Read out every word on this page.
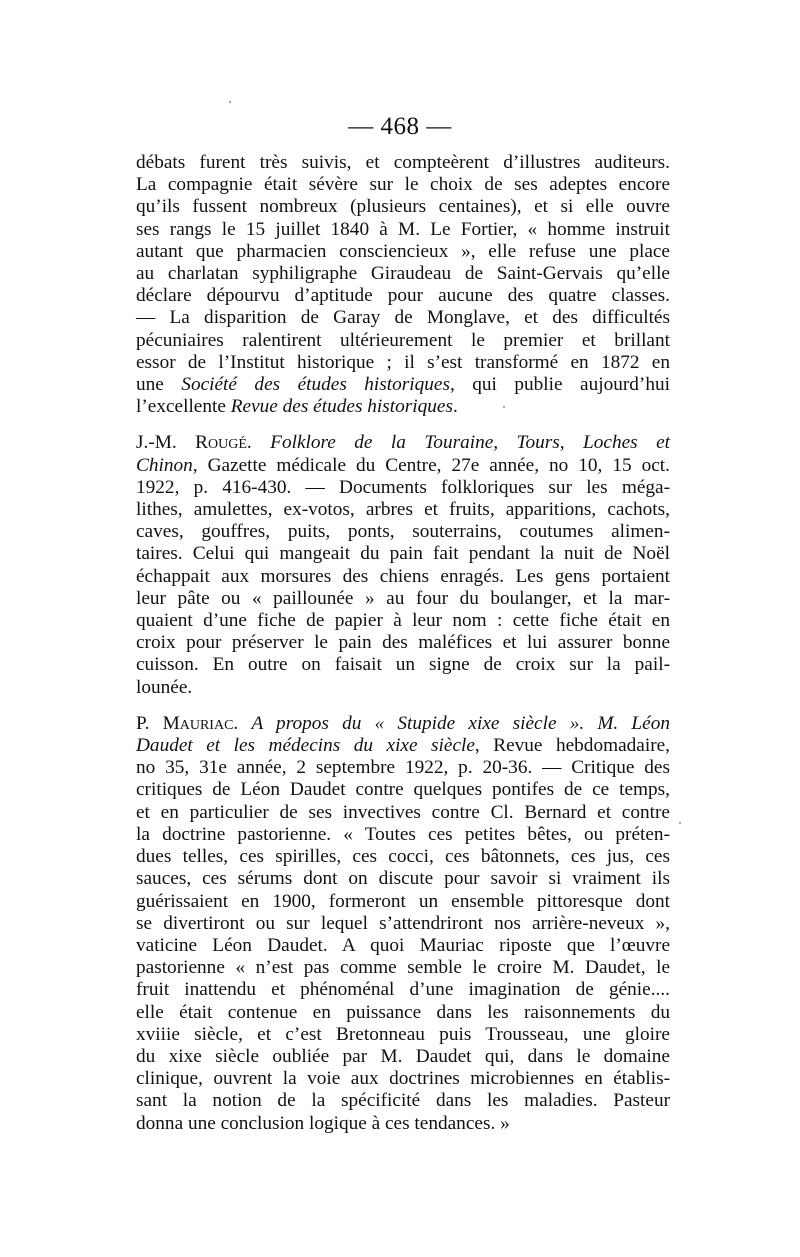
— 468 —
débats furent très suivis, et compteèrent d’illustres auditeurs.
La compagnie était sévère sur le choix de ses adeptes encore
qu’ils fussent nombreux (plusieurs centaines), et si elle ouvre
ses rangs le 15 juillet 1840 à M. Le Fortier, « homme instruit
autant que pharmacien consciencieux », elle refuse une place
au charlatan syphiligraphe Giraudeau de Saint-Gervais qu’elle
déclare dépourvu d’aptitude pour aucune des quatre classes.
— La disparition de Garay de Monglave, et des difficultés
pécuniaires ralentirent ultérieurement le premier et brillant
essor de l’Institut historique ; il s’est transformé en 1872 en
une Société des études historiques, qui publie aujourd’hui
l’excellente Revue des études historiques.
J.-M. Rougé. Folklore de la Touraine, Tours, Loches et
Chinon, Gazette médicale du Centre, 27e année, no 10, 15 oct.
1922, p. 416-430. — Documents folkloriques sur les méga-
lithes, amulettes, ex-votos, arbres et fruits, apparitions, cachots,
caves, gouffres, puits, ponts, souterrains, coutumes alimen-
taires. Celui qui mangeait du pain fait pendant la nuit de Noël
échappait aux morsures des chiens enragés. Les gens portaient
leur pâte ou « paillounée » au four du boulanger, et la mar-
quaient d’une fiche de papier à leur nom : cette fiche était en
croix pour préserver le pain des maléfices et lui assurer bonne
cuisson. En outre on faisait un signe de croix sur la pail-
lounée.
P. Mauriac. A propos du « Stupide xixe siècle ». M. Léon
Daudet et les médecins du xixe siècle, Revue hebdomadaire,
no 35, 31e année, 2 septembre 1922, p. 20-36. — Critique des
critiques de Léon Daudet contre quelques pontifes de ce temps,
et en particulier de ses invectives contre Cl. Bernard et contre
la doctrine pastorienne. « Toutes ces petites bêtes, ou préten-
dues telles, ces spirilles, ces cocci, ces bâtonnets, ces jus, ces
sauces, ces sérums dont on discute pour savoir si vraiment ils
guérissaient en 1900, formeront un ensemble pittoresque dont
se divertiront ou sur lequel s’attendriront nos arrière-neveux »,
vaticine Léon Daudet. A quoi Mauriac riposte que l’œuvre
pastorienne « n’est pas comme semble le croire M. Daudet, le
fruit inattendu et phénoménal d’une imagination de génie....
elle était contenue en puissance dans les raisonnements du
xviiie siècle, et c’est Bretonneau puis Trousseau, une gloire
du xixe siècle oubliée par M. Daudet qui, dans le domaine
clinique, ouvrent la voie aux doctrines microbiennes en établis-
sant la notion de la spécificité dans les maladies. Pasteur
donna une conclusion logique à ces tendances. »
